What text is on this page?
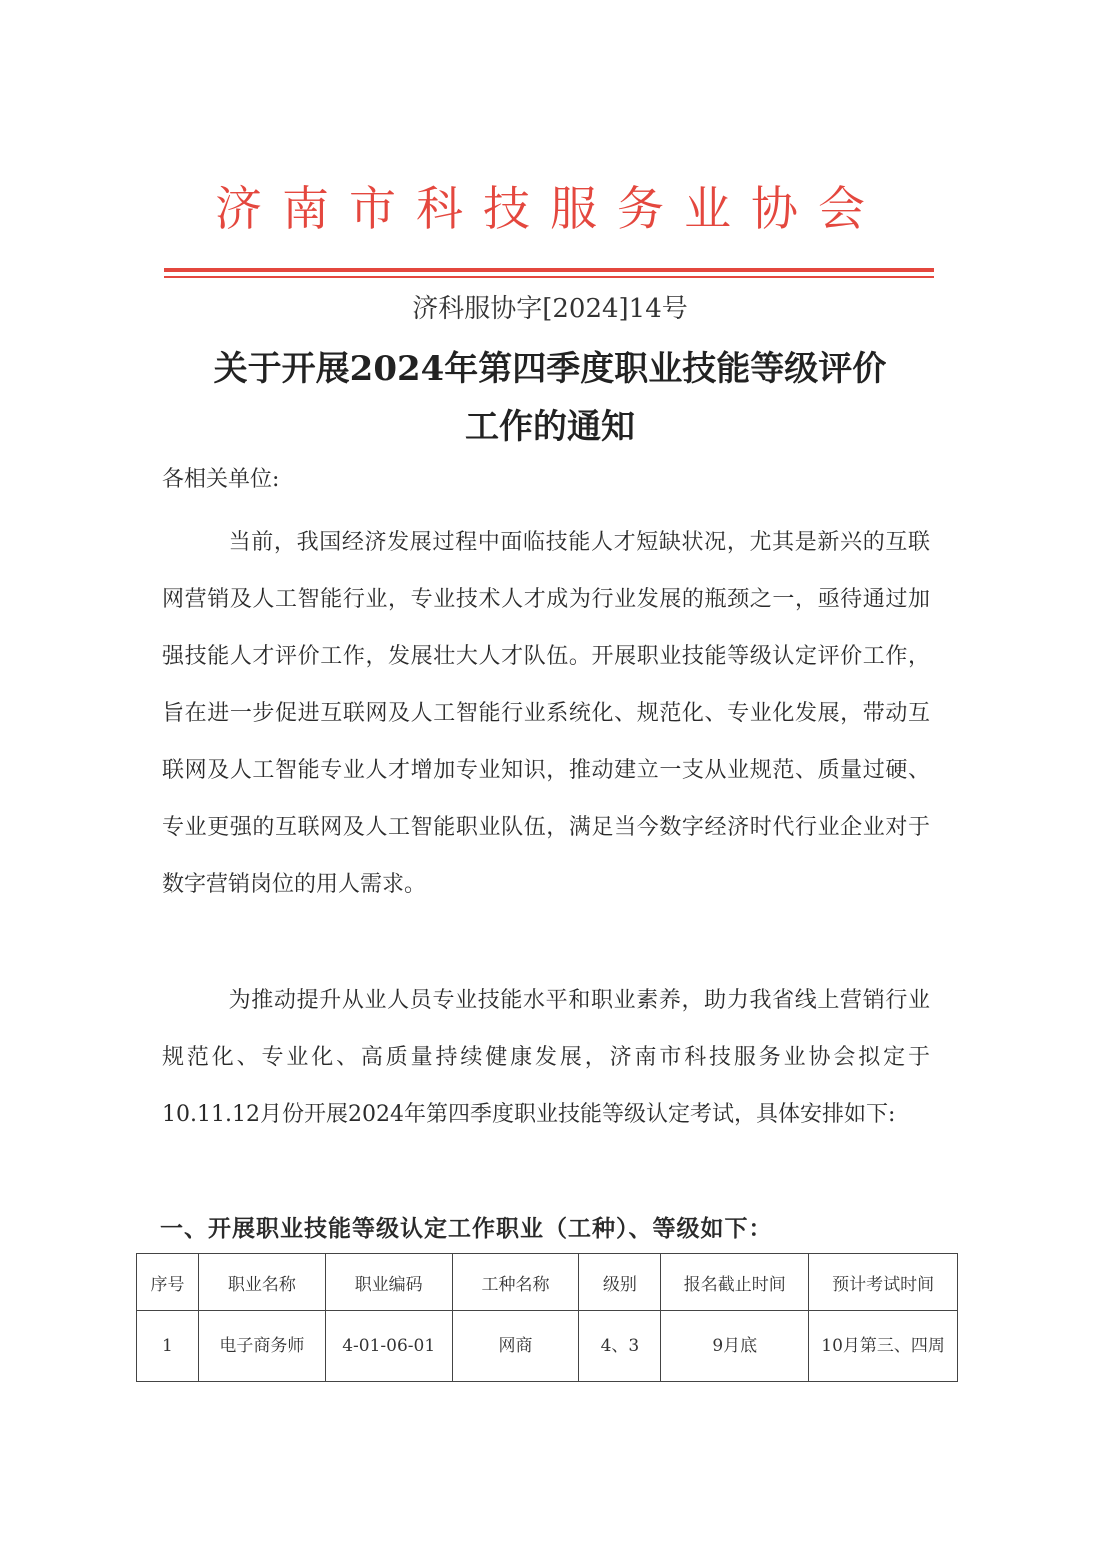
济南市科技服务业协会
济科服协字[2024]14号
关于开展2024年第四季度职业技能等级评价
工作的通知
各相关单位:

当前，我国经济发展过程中面临技能人才短缺状况，尤其是新兴的互联网营销及人工智能行业，专业技术人才成为行业发展的瓶颈之一，亟待通过加强技能人才评价工作，发展壮大人才队伍。开展职业技能等级认定评价工作，旨在进一步促进互联网及人工智能行业系统化、规范化、专业化发展，带动互联网及人工智能专业人才增加专业知识，推动建立一支从业规范、质量过硬、专业更强的互联网及人工智能职业队伍，满足当今数字经济时代行业企业对于数字营销岗位的用人需求。

为推动提升从业人员专业技能水平和职业素养，助力我省线上营销行业规范化、专业化、高质量持续健康发展，济南市科技服务业协会拟定于10.11.12月份开展2024年第四季度职业技能等级认定考试，具体安排如下:

一、开展职业技能等级认定工作职业（工种）、等级如下：
序号	职业名称	职业编码	工种名称	级别	报名截止时间	预计考试时间
1	电子商务师	4-01-06-01	网商	4、3	9月底	10月第三、四周
